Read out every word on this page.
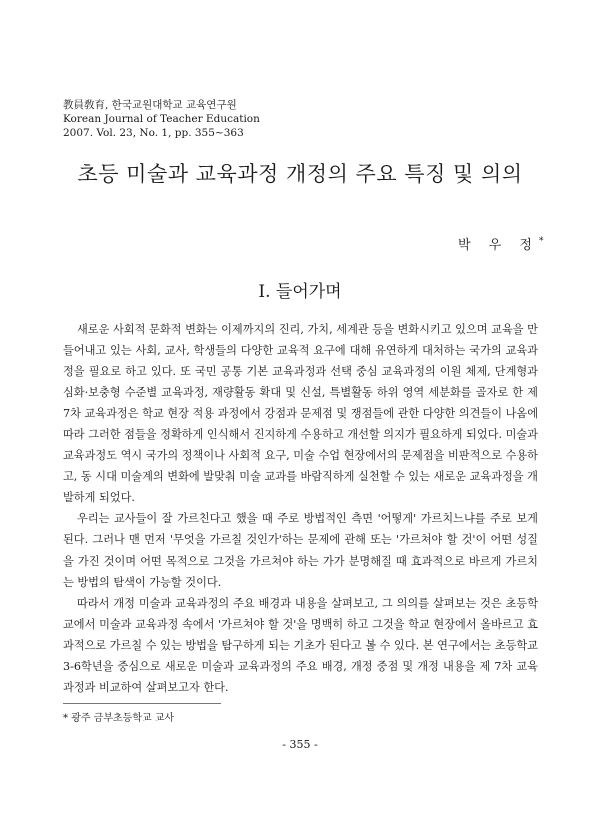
教員敎育, 한국교원대학교 교육연구원
Korean Journal of Teacher Education
2007. Vol. 23, No. 1, pp. 355~363
초등 미술과 교육과정 개정의 주요 특징 및 의의
박 우 정*
Ⅰ. 들어가며

새로운 사회적 문화적 변화는 이제까지의 진리, 가치, 세계관 등을 변화시키고 있으며 교육을 만들어내고 있는 사회, 교사, 학생들의 다양한 교육적 요구에 대해 유연하게 대처하는 국가의 교육과정을 필요로 하고 있다. 또 국민 공통 기본 교육과정과 선택 중심 교육과정의 이원 체제, 단계형과 심화·보충형 수준별 교육과정, 재량활동 확대 및 신설, 특별활동 하위 영역 세분화를 골자로 한 제 7차 교육과정은 학교 현장 적용 과정에서 강점과 문제점 및 쟁점들에 관한 다양한 의견들이 나옴에 따라 그러한 점들을 정확하게 인식해서 진지하게 수용하고 개선할 의지가 필요하게 되었다. 미술과 교육과정도 역시 국가의 정책이나 사회적 요구, 미술 수업 현장에서의 문제점을 비판적으로 수용하고, 동 시대 미술계의 변화에 발맞춰 미술 교과를 바람직하게 실천할 수 있는 새로운 교육과정을 개발하게 되었다.

우리는 교사들이 잘 가르친다고 했을 때 주로 방법적인 측면 '어떻게' 가르치느냐를 주로 보게 된다. 그러나 맨 먼저 '무엇을 가르칠 것인가'하는 문제에 관해 또는 '가르쳐야 할 것'이 어떤 성질을 가진 것이며 어떤 목적으로 그것을 가르쳐야 하는 가가 분명해질 때 효과적으로 바르게 가르치는 방법의 탐색이 가능할 것이다.

따라서 개정 미술과 교육과정의 주요 배경과 내용을 살펴보고, 그 의의를 살펴보는 것은 초등학교에서 미술과 교육과정 속에서 '가르쳐야 할 것'을 명백히 하고 그것을 학교 현장에서 올바르고 효과적으로 가르칠 수 있는 방법을 탐구하게 되는 기초가 된다고 볼 수 있다. 본 연구에서는 초등학교 3-6학년을 중심으로 새로운 미술과 교육과정의 주요 배경, 개정 중점 및 개정 내용을 제 7차 교육과정과 비교하여 살펴보고자 한다.

* 광주 금부초등학교 교사
- 355 -
